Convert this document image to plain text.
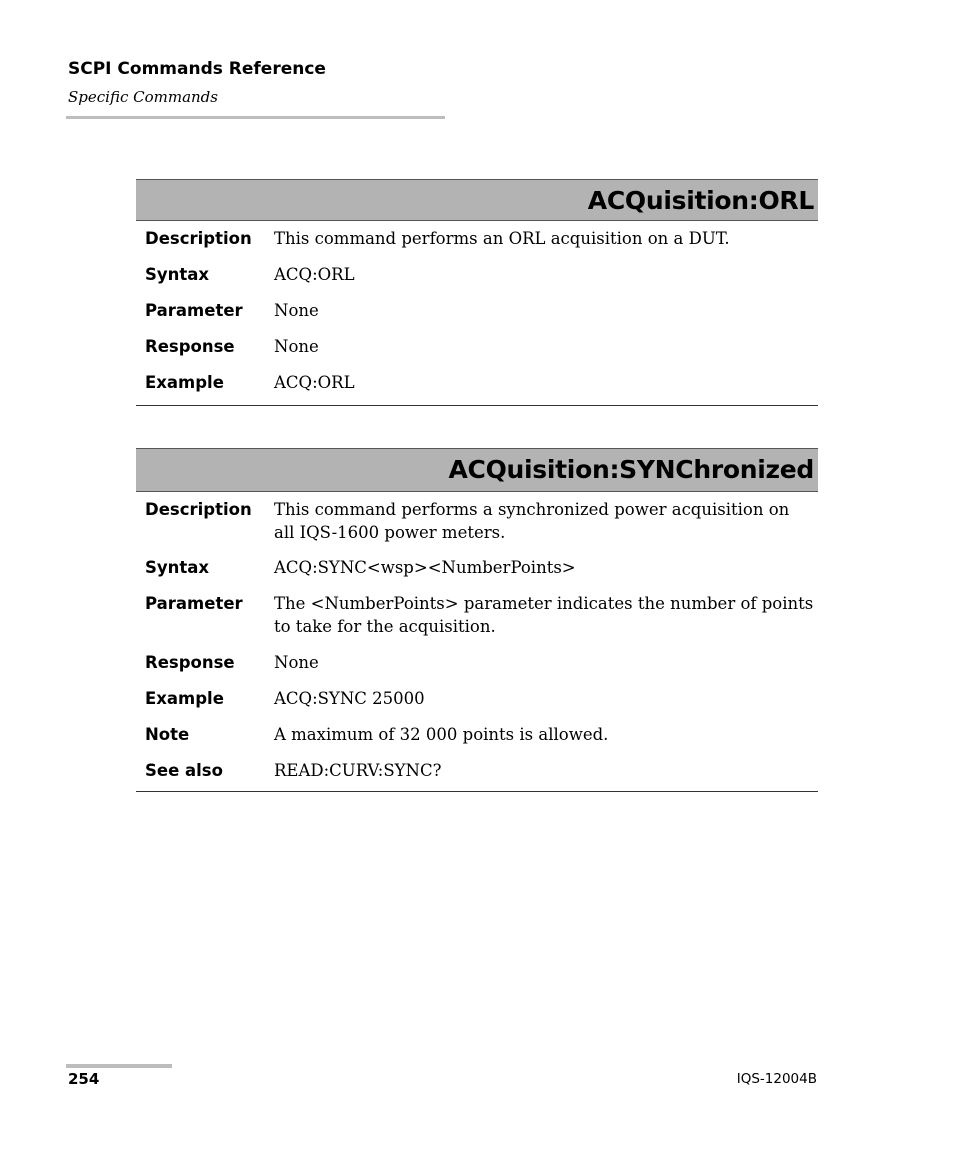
SCPI Commands Reference
Specific Commands
ACQuisition:ORL
Description This command performs an ORL acquisition on a DUT.
Syntax	ACQ:ORL
Parameter None
Response None
Example	ACQ:ORL
ACQuisition:SYNChronized
Description This command performs a synchronized power acquisition on all IQS-1600 power meters.
Syntax	ACQ:SYNC<wsp><NumberPoints>
Parameter The <NumberPoints> parameter indicates the number of points to take for the acquisition.
Response None
Example	ACQ:SYNC 25000
Note	A maximum of 32 000 points is allowed.
See also	READ:CURV:SYNC?
254	IQS-12004B
